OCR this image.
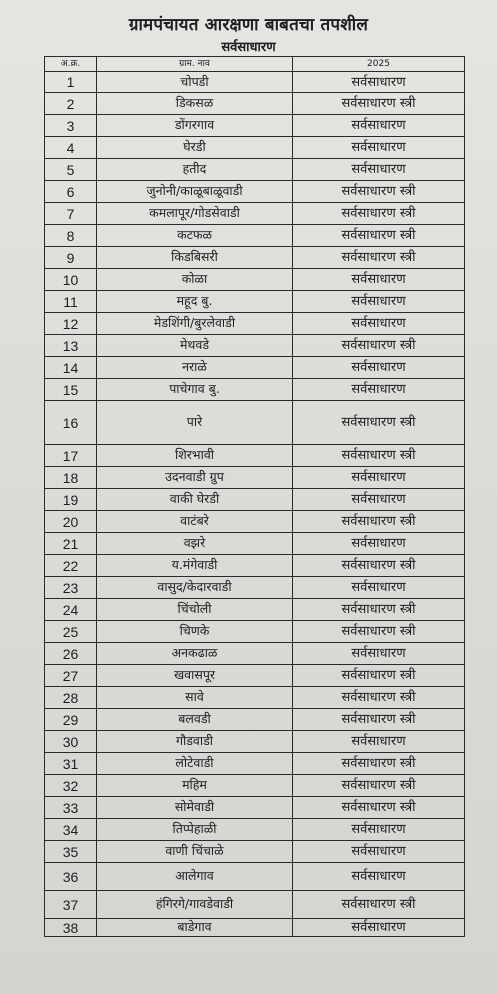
ग्रामपंचायत आरक्षणा बाबतचा तपशील
सर्वसाधारण
अ.क्र.	ग्राम. नाव	2025
1	चोपडी	सर्वसाधारण
2	डिकसळ	सर्वसाधारण स्त्री
3	डोंगरगाव	सर्वसाधारण
4	घेरडी	सर्वसाधारण
5	हतीद	सर्वसाधारण
6	जुनोनी/काळूबाळूवाडी	सर्वसाधारण स्त्री
7	कमलापूर/गोडसेवाडी	सर्वसाधारण स्त्री
8	कटफळ	सर्वसाधारण स्त्री
9	किडबिसरी	सर्वसाधारण स्त्री
10	कोळा	सर्वसाधारण
11	महूद बु.	सर्वसाधारण
12	मेडशिंगी/बुरलेवाडी	सर्वसाधारण
13	मेथवडे	सर्वसाधारण स्त्री
14	नराळे	सर्वसाधारण
15	पाचेगाव बु.	सर्वसाधारण
16	पारे	सर्वसाधारण स्त्री
17	शिरभावी	सर्वसाधारण स्त्री
18	उदनवाडी ग्रुप	सर्वसाधारण
19	वाकी घेरडी	सर्वसाधारण
20	वाटंबरे	सर्वसाधारण स्त्री
21	वझरे	सर्वसाधारण
22	य.मंगेवाडी	सर्वसाधारण स्त्री
23	वासुद/केदारवाडी	सर्वसाधारण
24	चिंचोली	सर्वसाधारण स्त्री
25	चिणके	सर्वसाधारण स्त्री
26	अनकढाळ	सर्वसाधारण
27	खवासपूर	सर्वसाधारण स्त्री
28	सावे	सर्वसाधारण स्त्री
29	बलवडी	सर्वसाधारण स्त्री
30	गौडवाडी	सर्वसाधारण
31	लोटेवाडी	सर्वसाधारण स्त्री
32	महिम	सर्वसाधारण स्त्री
33	सोमेवाडी	सर्वसाधारण स्त्री
34	तिप्पेहाळी	सर्वसाधारण
35	वाणी चिंचाळे	सर्वसाधारण
36	आलेगाव	सर्वसाधारण
37	हंगिरगे/गावडेवाडी	सर्वसाधारण स्त्री
38	बाडेगाव	सर्वसाधारण
